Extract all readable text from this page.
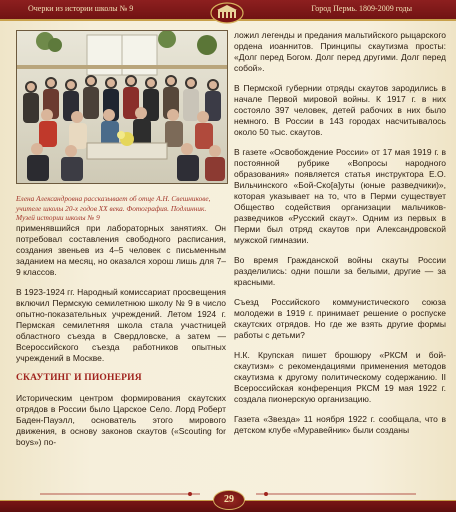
Очерки из истории школы № 9	Город Пермь. 1809-2009 годы

Елена Александровна рассказывает об отце А.Н. Свешникове, учителе школы 20-х годов XX века. Фотография. Подлинник. Музей истории школы № 9

применявшийся при лабораторных занятиях. Он потребовал составления свободного расписания, создания звеньев из 4–5 человек с письменным заданием на месяц, но оказался хорош лишь для 7–9 классов.

В 1923-1924 гг. Народный комиссариат просвещения включил Пермскую семилетнюю школу № 9 в число опытно-показательных учреждений. Летом 1924 г. Пермская семилетняя школа стала участницей областного съезда в Свердловске, а затем — Всероссийского съезда работников опытных учреждений в Москве.

СКАУТИНГ И ПИОНЕРИЯ

Историческим центром формирования скаутских отрядов в России было Царское Село. Лорд Роберт Баден-Пауэлл, основатель этого мирового движения, в основу законов скаутов («Scouting for boys») по-

ложил легенды и предания мальтийского рыцарского ордена иоаннитов. Принципы скаутизма просты: «Долг перед Богом. Долг перед другими. Долг перед собой».

В Пермской губернии отряды скаутов зародились в начале Первой мировой войны. К 1917 г. в них состояло 397 человек, детей рабочих в них было немного. В России в 143 городах насчитывалось около 50 тыс. скаутов.

В газете «Освобождение России» от 17 мая 1919 г. в постоянной рубрике «Вопросы народного образования» появляется статья инструктора Е.О. Вильчинского «Бой-Ско[а]уты (юные разведчики)», которая указывает на то, что в Перми существует Общество содействия организации мальчиков-разведчиков «Русский скаут». Одним из первых в Перми был отряд скаутов при Александровской мужской гимназии.

Во время Гражданской войны скауты России разделились: одни пошли за белыми, другие — за красными.

Съезд Российского коммунистического союза молодежи в 1919 г. принимает решение о роспуске скаутских отрядов. Но где же взять другие формы работы с детьми?

Н.К. Крупская пишет брошюру «РКСМ и бой-скаутизм» с рекомендациями применения методов скаутизма к другому политическому содержанию. II Всероссийская конференция РКСМ 19 мая 1922 г. создала пионерскую организацию.

Газета «Звезда» 11 ноября 1922 г. сообщала, что в детском клубе «Муравейник» были созданы

29
